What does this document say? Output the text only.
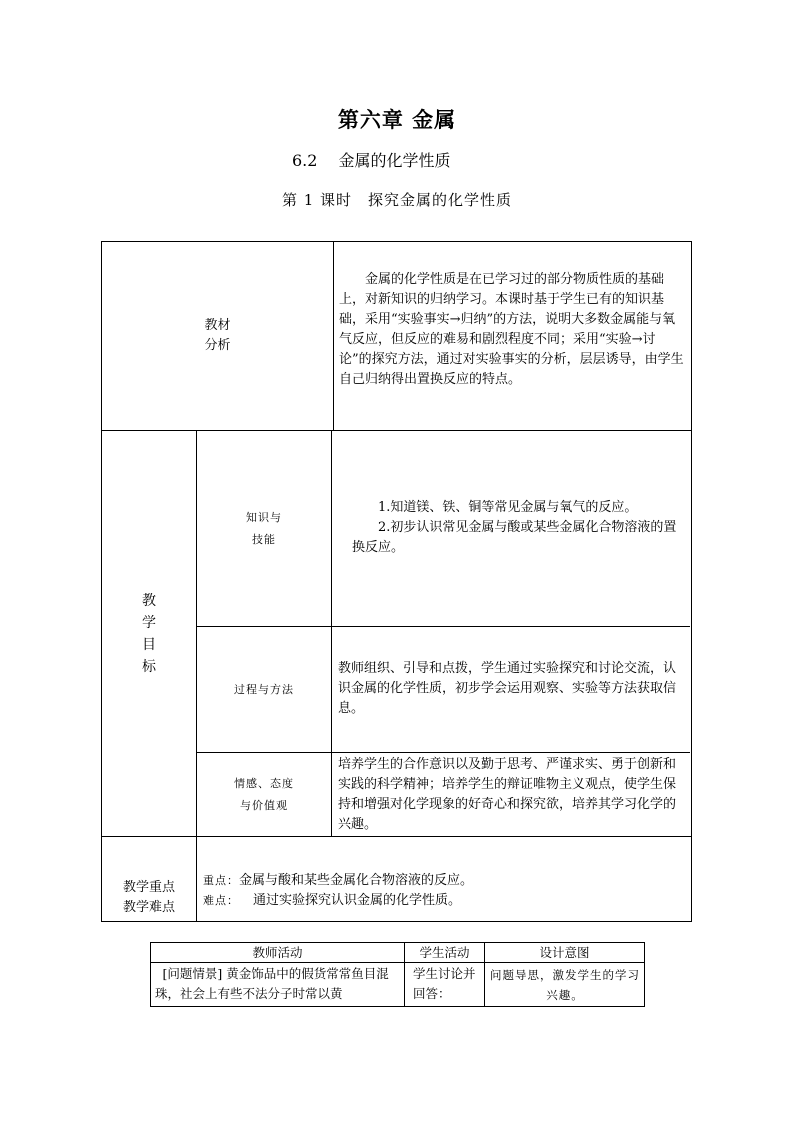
第六章 金属
6.2　 金属的化学性质
第 1 课时　探究金属的化学性质
教材
分析

金属的化学性质是在已学习过的部分物质性质的基础上，对新知识的归纳学习。本课时基于学生已有的知识基础，采用“实验事实→归纳”的方法，说明大多数金属能与氧气反应，但反应的难易和剧烈程度不同；采用“实验→讨论”的探究方法，通过对实验事实的分析，层层诱导，由学生自己归纳得出置换反应的特点。

教
学
目
标
知识与
技能

1.知道镁、铁、铜等常见金属与氧气的反应。

2.初步认识常见金属与酸或某些金属化合物溶液的置换反应。

过程与方法

教师组织、引导和点拨，学生通过实验探究和讨论交流，认识金属的化学性质，初步学会运用观察、实验等方法获取信息。

情感、态度
与价值观

培养学生的合作意识以及勤于思考、严谨求实、勇于创新和实践的科学精神；培养学生的辩证唯物主义观点，使学生保持和增强对化学现象的好奇心和探究欲，培养其学习化学的兴趣。

教学重点
教学难点
重点：金属与酸和某些金属化合物溶液的反应。
难点： 通过实验探究认识金属的化学性质。
教师活动	学生活动	设计意图

[问题情景] 黄金饰品中的假货常常鱼目混珠，社会上有些不法分子时常以黄

学生讨论并回答：
问题导思，激发学生的学习兴趣。
